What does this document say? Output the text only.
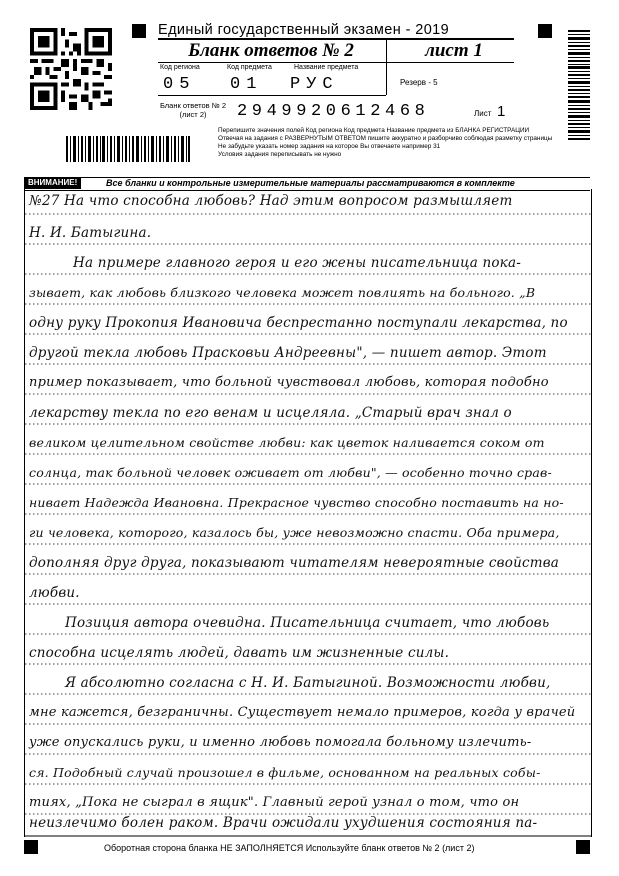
Единый государственный экзамен - 2019
Бланк ответов № 2	лист 1
Код региона	Код предмета	Название предмета
05 01 РУС	Резерв - 5
Бланк ответов № 2 (лист 2)	2949920612468	Лист 1
Перепишите значения полей Код региона Код предмета Название предмета из БЛАНКА РЕГИСТРАЦИИ
Отвечая на задания с РАЗВЕРНУТЫМ ОТВЕТОМ пишите аккуратно и разборчиво соблюдая разметку страницы
Не забудьте указать номер задания на которое Вы отвечаете например 31
Условия задания переписывать не нужно
ВНИМАНИЕ!	Все бланки и контрольные измерительные материалы рассматриваются в комплекте
№27 На что способна любовь? Над этим вопросом размышляет
Н. И. Батыгина.
На примере главного героя и его жены писательница пока-
зывает, как любовь близкого человека может повлиять на больного. „В
одну руку Прокопия Ивановича беспрестанно поступали лекарства, по
другой текла любовь Прасковьи Андреевны", — пишет автор. Этот
пример показывает, что больной чувствовал любовь, которая подобно
лекарству текла по его венам и исцеляла. „Старый врач знал о
великом целительном свойстве любви: как цветок наливается соком от
солнца, так больной человек оживает от любви", — особенно точно срав-
нивает Надежда Ивановна. Прекрасное чувство способно поставить на но-
ги человека, которого, казалось бы, уже невозможно спасти. Оба примера,
дополняя друг друга, показывают читателям невероятные свойства
любви.
Позиция автора очевидна. Писательница считает, что любовь
способна исцелять людей, давать им жизненные силы.
Я абсолютно согласна с Н. И. Батыгиной. Возможности любви,
мне кажется, безграничны. Существует немало примеров, когда у врачей
уже опускались руки, и именно любовь помогала больному излечить-
ся. Подобный случай произошел в фильме, основанном на реальных собы-
тиях, „Пока не сыграл в ящик". Главный герой узнал о том, что он
неизлечимо болен раком. Врачи ожидали ухудшения состояния па-
Оборотная сторона бланка НЕ ЗАПОЛНЯЕТСЯ Используйте бланк ответов № 2 (лист 2)
